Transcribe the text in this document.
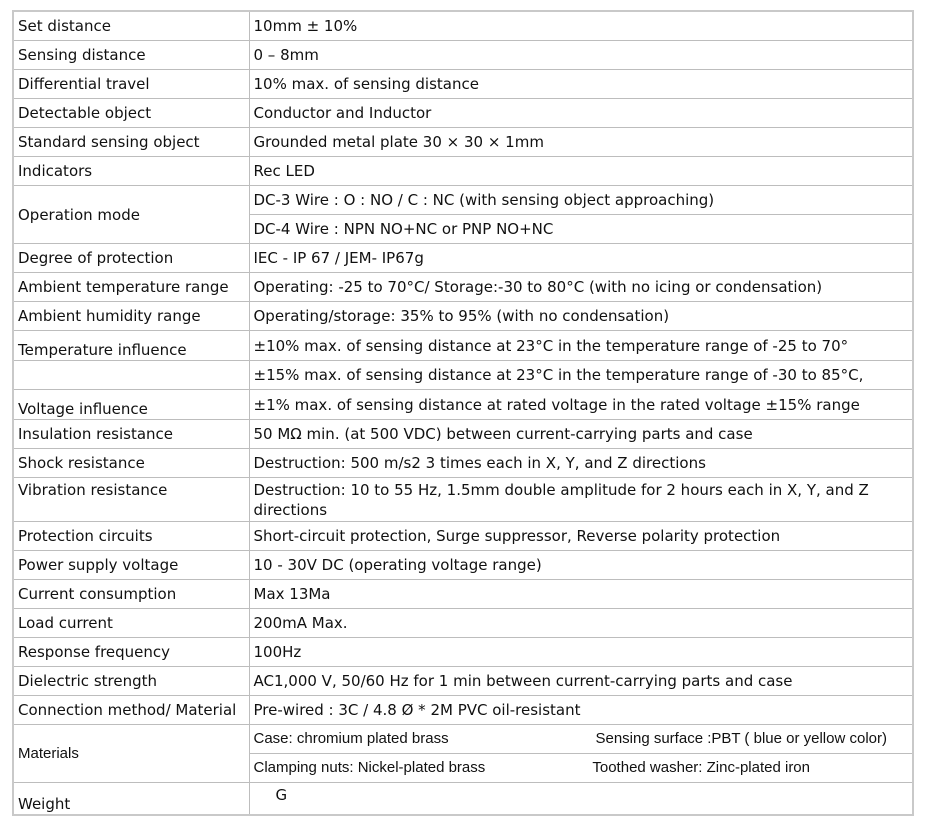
Set distance	10mm ± 10%
Sensing distance	0 – 8mm
Differential travel	10% max. of sensing distance
Detectable object	Conductor and Inductor
Standard sensing object	Grounded metal plate 30 × 30 × 1mm
Indicators	Rec LED
Operation mode	DC-3 Wire : O : NO / C : NC (with sensing object approaching)
	DC-4 Wire : NPN NO+NC or PNP NO+NC
Degree of protection	IEC - IP 67 / JEM- IP67g
Ambient temperature range	Operating: -25 to 70°C/ Storage:-30 to 80°C (with no icing or condensation)
Ambient humidity range	Operating/storage: 35% to 95% (with no condensation)
Temperature influence	±10% max. of sensing distance at 23°C in the temperature range of -25 to 70°
	±15% max. of sensing distance at 23°C in the temperature range of -30 to 85°C,
Voltage influence	±1% max. of sensing distance at rated voltage in the rated voltage ±15% range
Insulation resistance	50 MΩ min. (at 500 VDC) between current-carrying parts and case
Shock resistance	Destruction: 500 m/s2 3 times each in X, Y, and Z directions
Vibration resistance	Destruction: 10 to 55 Hz, 1.5mm double amplitude for 2 hours each in X, Y, and Z directions
Protection circuits	Short-circuit protection, Surge suppressor, Reverse polarity protection
Power supply voltage	10 - 30V DC (operating voltage range)
Current consumption	Max 13Ma
Load current	200mA Max.
Response frequency	100Hz
Dielectric strength	AC1,000 V, 50/60 Hz for 1 min between current-carrying parts and case
Connection method/ Material	Pre-wired : 3C / 4.8 Ø * 2M PVC oil-resistant
Materials	Case: chromium plated brass Sensing surface :PBT ( blue or yellow color)

	Clamping nuts: Nickel-plated brass Toothed washer: Zinc-plated iron

Weight	G
